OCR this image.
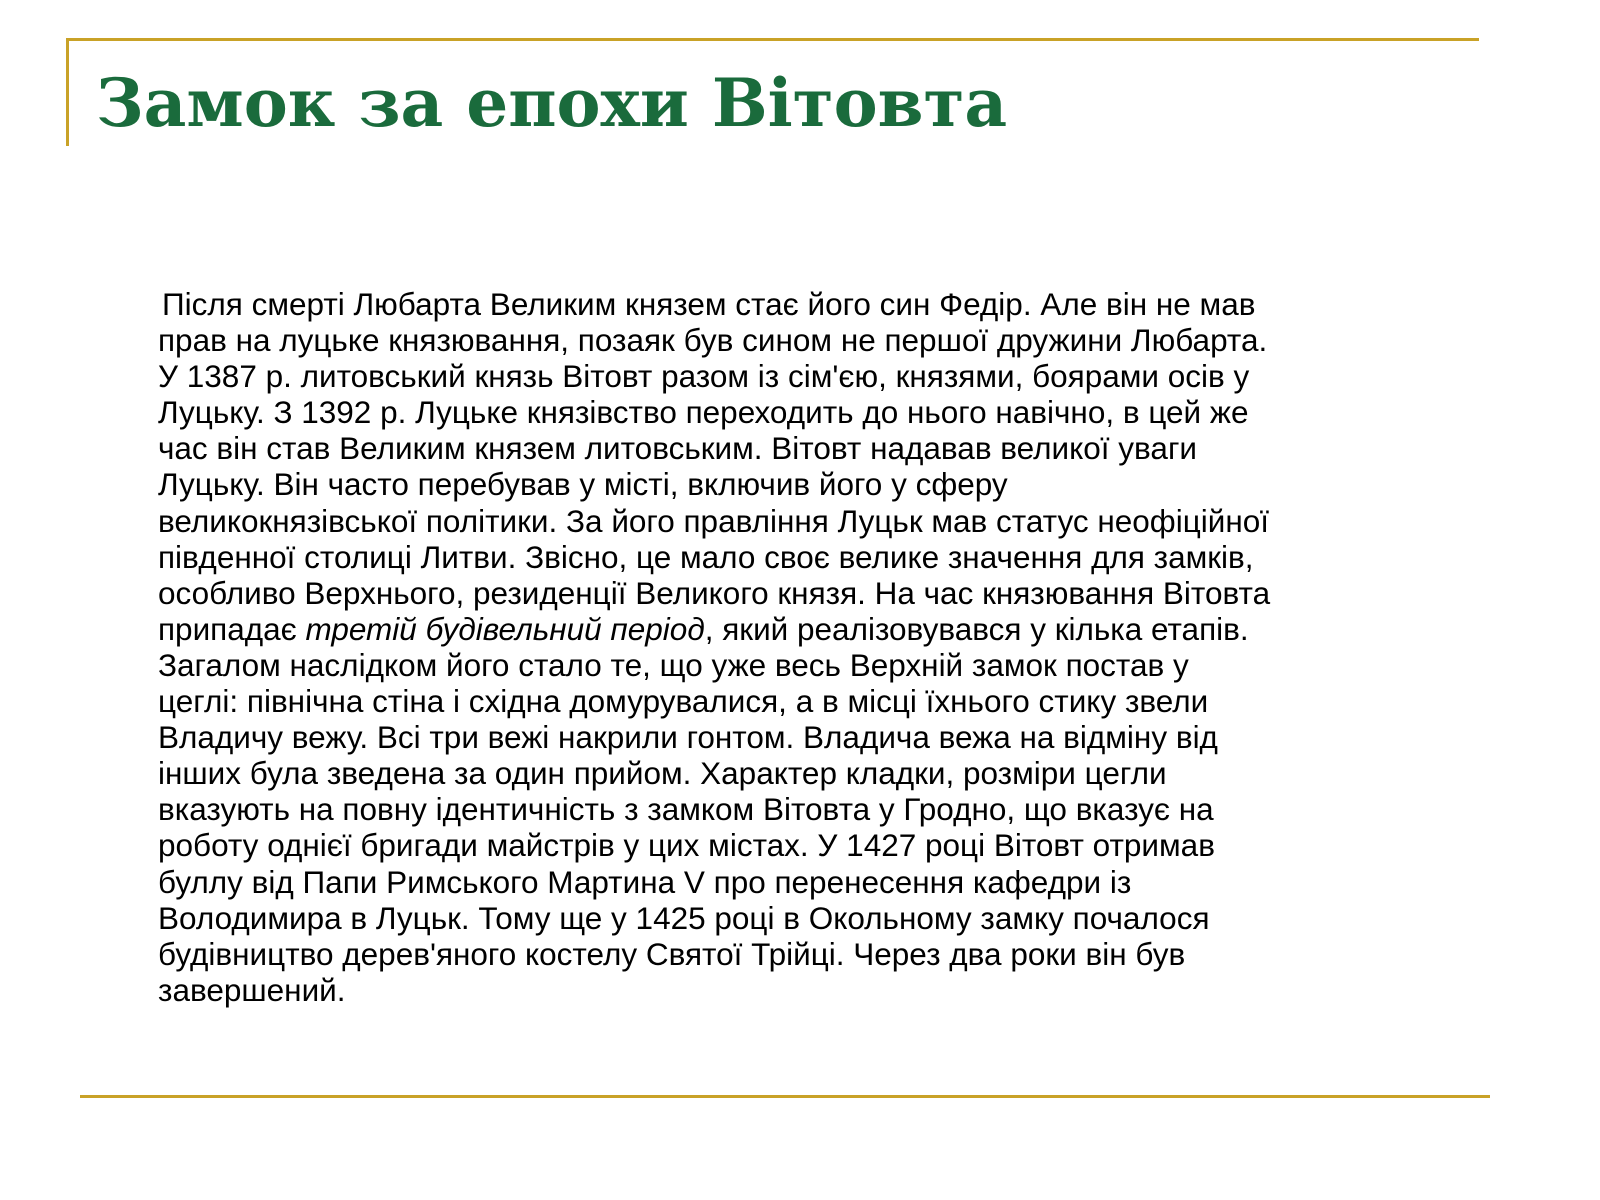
Замок за епохи Вітовта
Після смерті Любарта Великим князем стає його син Федір. Але він не мав
прав на луцьке князювання, позаяк був сином не першої дружини Любарта.
У 1387 р. литовський князь Вітовт разом із сім'єю, князями, боярами осів у
Луцьку. З 1392 р. Луцьке князівство переходить до нього навічно, в цей же
час він став Великим князем литовським. Вітовт надавав великої уваги
Луцьку. Він часто перебував у місті, включив його у сферу
великокнязівської політики. За його правління Луцьк мав статус неофіційної
південної столиці Литви. Звісно, це мало своє велике значення для замків,
особливо Верхнього, резиденції Великого князя. На час князювання Вітовта
припадає третій будівельний період, який реалізовувався у кілька етапів.
Загалом наслідком його стало те, що уже весь Верхній замок постав у
цеглі: північна стіна і східна домурувалися, а в місці їхнього стику звели
Владичу вежу. Всі три вежі накрили гонтом. Владича вежа на відміну від
інших була зведена за один прийом. Характер кладки, розміри цегли
вказують на повну ідентичність з замком Вітовта у Гродно, що вказує на
роботу однієї бригади майстрів у цих містах. У 1427 році Вітовт отримав
буллу від Папи Римського Мартина V про перенесення кафедри із
Володимира в Луцьк. Тому ще у 1425 році в Окольному замку почалося
будівництво дерев'яного костелу Святої Трійці. Через два роки він був
завершений.
